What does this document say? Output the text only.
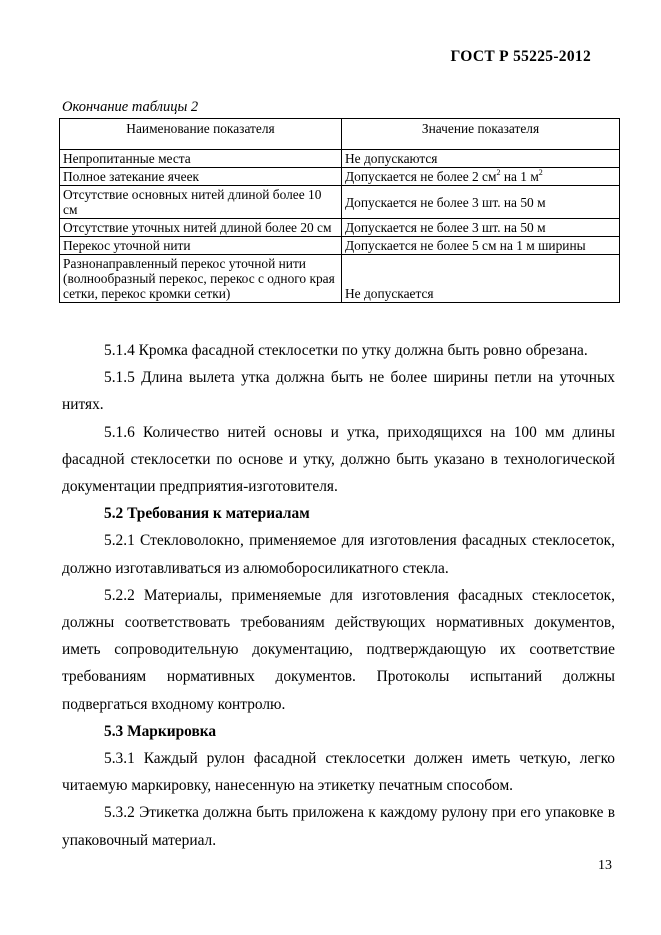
ГОСТ Р 55225-2012
Окончание таблицы 2
Наименование показателя	Значение показателя
Непропитанные места	Не допускаются
Полное затекание ячеек	Допускается не более 2 $см^2$ на 1 $м^2$
Отсутствие основных нитей длиной более 10 см	Допускается не более 3 шт. на 50 м
Отсутствие уточных нитей длиной более 20 см	Допускается не более 3 шт. на 50 м
Перекос уточной нити	Допускается не более 5 см на 1 м ширины
Разнонаправленный перекос уточной нити (волнообразный перекос, перекос с одного края сетки, перекос кромки сетки)	Не допускается

5.1.4 Кромка фасадной стеклосетки по утку должна быть ровно обрезана.

5.1.5 Длина вылета утка должна быть не более ширины петли на уточных нитях.

5.1.6 Количество нитей основы и утка, приходящихся на 100 мм длины фасадной стеклосетки по основе и утку, должно быть указано в технологической документации предприятия-изготовителя.

5.2 Требования к материалам

5.2.1 Стекловолокно, применяемое для изготовления фасадных стеклосеток, должно изготавливаться из алюмоборосиликатного стекла.

5.2.2 Материалы, применяемые для изготовления фасадных стеклосеток, должны соответствовать требованиям действующих нормативных документов, иметь сопроводительную документацию, подтверждающую их соответствие требованиям нормативных документов. Протоколы испытаний должны подвергаться входному контролю.

5.3 Маркировка

5.3.1 Каждый рулон фасадной стеклосетки должен иметь четкую, легко читаемую маркировку, нанесенную на этикетку печатным способом.

5.3.2 Этикетка должна быть приложена к каждому рулону при его упаковке в упаковочный материал.

13
